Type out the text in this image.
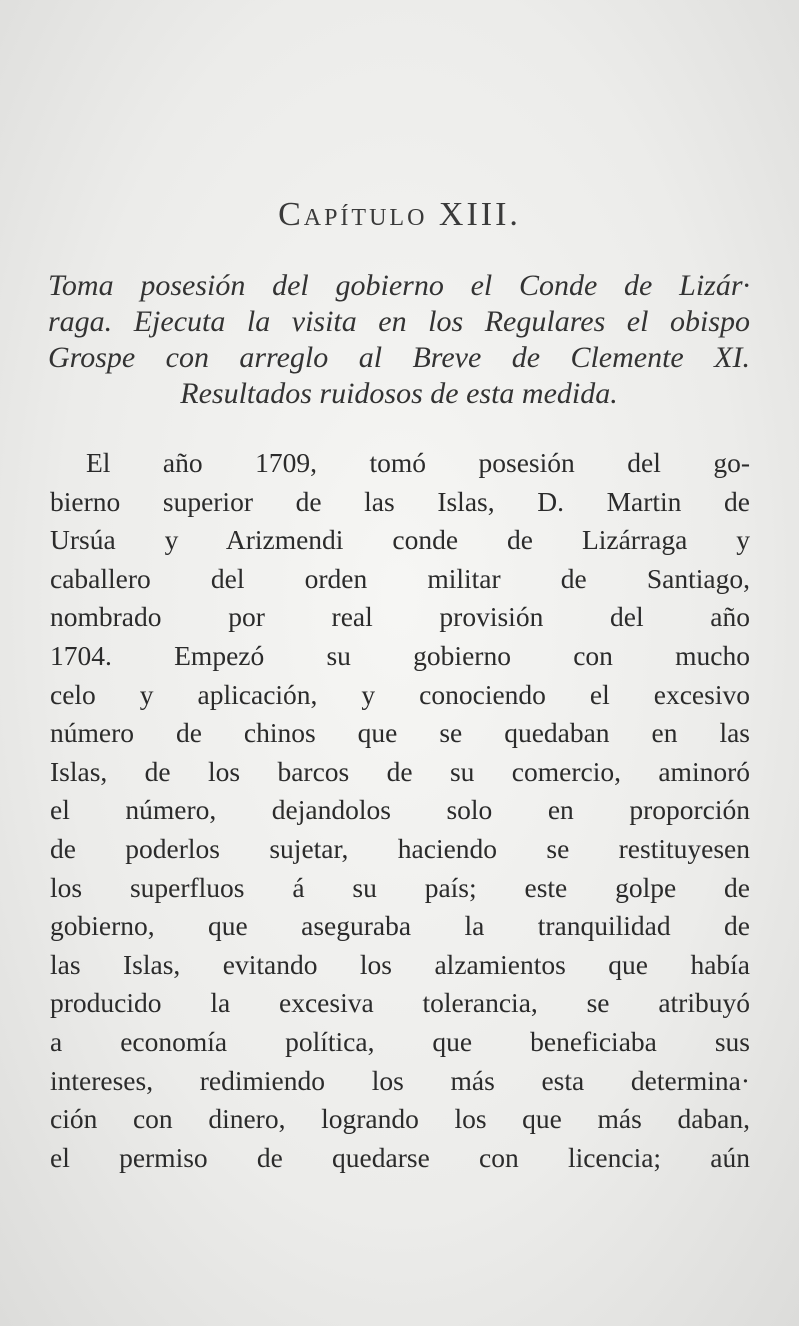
Capítulo XIII.
Toma posesión del gobierno el Conde de Lizár·
raga. Ejecuta la visita en los Regulares el obispo
Grospe con arreglo al Breve de Clemente XI.
Resultados ruidosos de esta medida.
El año 1709, tomó posesión del go-
bierno superior de las Islas, D. Martin de
Ursúa y Arizmendi conde de Lizárraga y
caballero del orden militar de Santiago,
nombrado por real provisión del año
1704. Empezó su gobierno con mucho
celo y aplicación, y conociendo el excesivo
número de chinos que se quedaban en las
Islas, de los barcos de su comercio, aminoró
el número, dejandolos solo en proporción
de poderlos sujetar, haciendo se restituyesen
los superfluos á su país; este golpe de
gobierno, que aseguraba la tranquilidad de
las Islas, evitando los alzamientos que había
producido la excesiva tolerancia, se atribuyó
a economía política, que beneficiaba sus
intereses, redimiendo los más esta determina·
ción con dinero, logrando los que más daban,
el permiso de quedarse con licencia; aún
